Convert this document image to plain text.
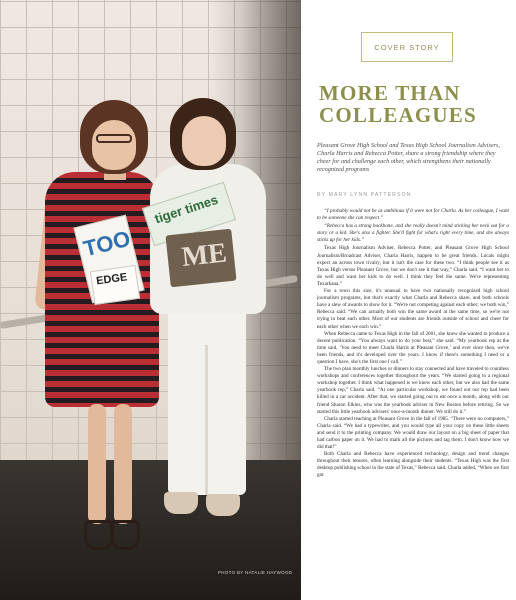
TOO
EDGE
tiger times
ME
PHOTO BY NATALIE HAYWOOD
COVER STORY
MORE THAN COLLEAGUES
Pleasant Grove High School and Texas High School Journalism Advisers, Charla Harris and Rebecca Potter, share a strong friendship where they cheer for and challenge each other, which strengthens their nationally recognized programs
BY MARY LYNN PATTERSON

“I probably would not be as ambitious if it were not for Charla. As her colleague, I want to be someone she can respect.”

“Rebecca has a strong backbone, and she really doesn't mind sticking her neck out for a story or a kid. She's also a fighter. She'll fight for what's right every time, and she always sticks up for her kids.”

Texas High Journalism Adviser, Rebecca Potter, and Pleasant Grove High School Journalism/Broadcast Adviser, Charla Harris, happen to be great friends. Locals might expect an across town rivalry, but it isn't the case for these two. “I think people see it as Texas High versus Pleasant Grove, but we don't see it that way,” Charla said. “I want her to do well and want her kids to do well. I think they feel the same. We're representing Texarkana.”

For a town this size, it's unusual to have two nationally recognized high school journalism programs, but that's exactly what Charla and Rebecca share, and both schools have a slew of awards to show for it. “We're not competing against each other; we both win,” Rebecca said. “We can actually both win the same award at the same time, so we're not trying to beat each other. Most of our students are friends outside of school and cheer for each other when we each win.”

When Rebecca came to Texas High in the fall of 2001, she knew she wanted to produce a decent publication. “You always want to do your best,” she said. “My yearbook rep at the time said, ‘You need to meet Charla Harris at Pleasant Grove,’ and ever since then, we've been friends, and it's developed over the years. I know if there's something I need or a question I have, she's the first one I call.”

The two plan monthly lunches or dinners to stay connected and have traveled to countless workshops and conferences together throughout the years. “We started going to a regional workshop together. I think what happened is we knew each other, but we also had the same yearbook rep,” Charla said. “At one particular workshop, we found out our rep had been killed in a car accident. After that, we started going out to eat once a month, along with our friend Sharon Elkins, who was the yearbook adviser in New Boston before retiring. So we started this little yearbook advisers' once-a-month dinner. We still do it.”

Charla started teaching at Pleasant Grove in the fall of 1985. “There were no computers,” Charla said. “We had a typewriter, and you would type all your copy on these little sheets and send it to the printing company. We would draw our layout on a big sheet of paper that had carbon paper on it. We had to mark all the pictures and tag them. I don't know how we did that!”

Both Charla and Rebecca have experienced technology, design and trend changes throughout their tenures, often learning alongside their students. “Texas High was the first desktop publishing school in the state of Texas,” Rebecca said. Charla added, “When we first got
